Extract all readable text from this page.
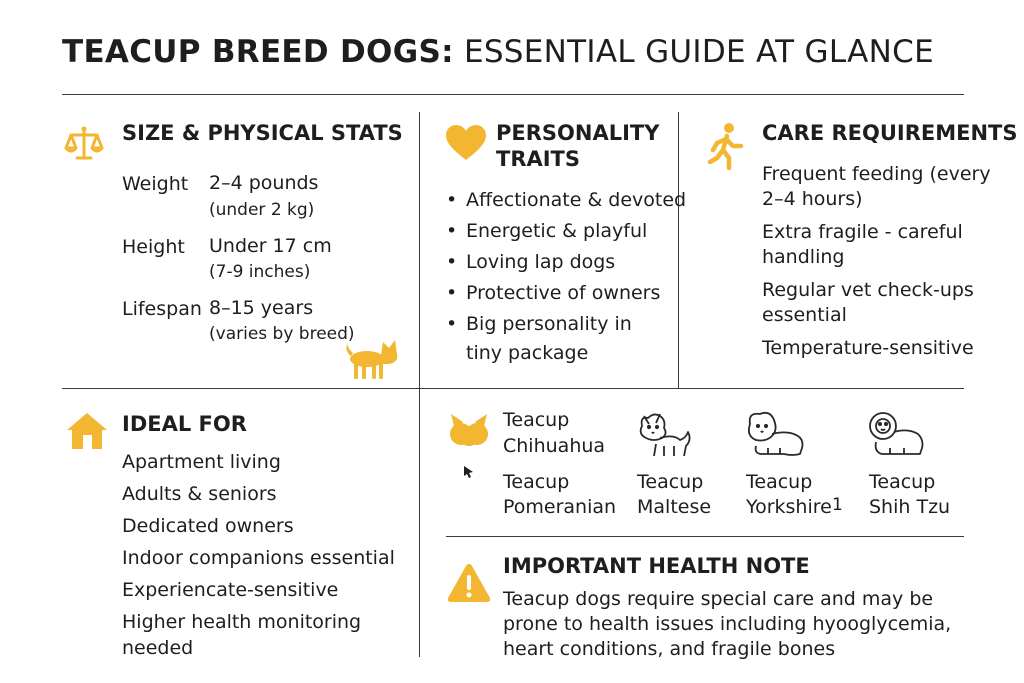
TEACUP BREED DOGS: ESSENTIAL GUIDE AT GLANCE
SIZE & PHYSICAL STATS
Weight 2–4 pounds
(under 2 kg)
Height Under 17 cm
(7-9 inches)
Lifespan 8–15 years
(varies by breed)
PERSONALITY
TRAITS
• Affectionate & devoted
• Energetic & playful
• Loving lap dogs
• Protective of owners
• Big personality in
tiny package
CARE REQUIREMENTS
Frequent feeding (every 2–4 hours)
Extra fragile - careful handling
Regular vet check-ups essential
Temperature-sensitive
IDEAL FOR
Apartment living
Adults & seniors
Dedicated owners
Indoor companions essential
Experiencate-sensitive
Higher health monitoring
needed
Teacup
Chihuahua
Teacup
Pomeranian
Teacup
Maltese
Teacup
Yorkshire 1
Teacup
Shih Tzu
IMPORTANT HEALTH NOTE
Teacup dogs require special care and may be prone to health issues including hyooglycemia, heart conditions, and fragile bones
